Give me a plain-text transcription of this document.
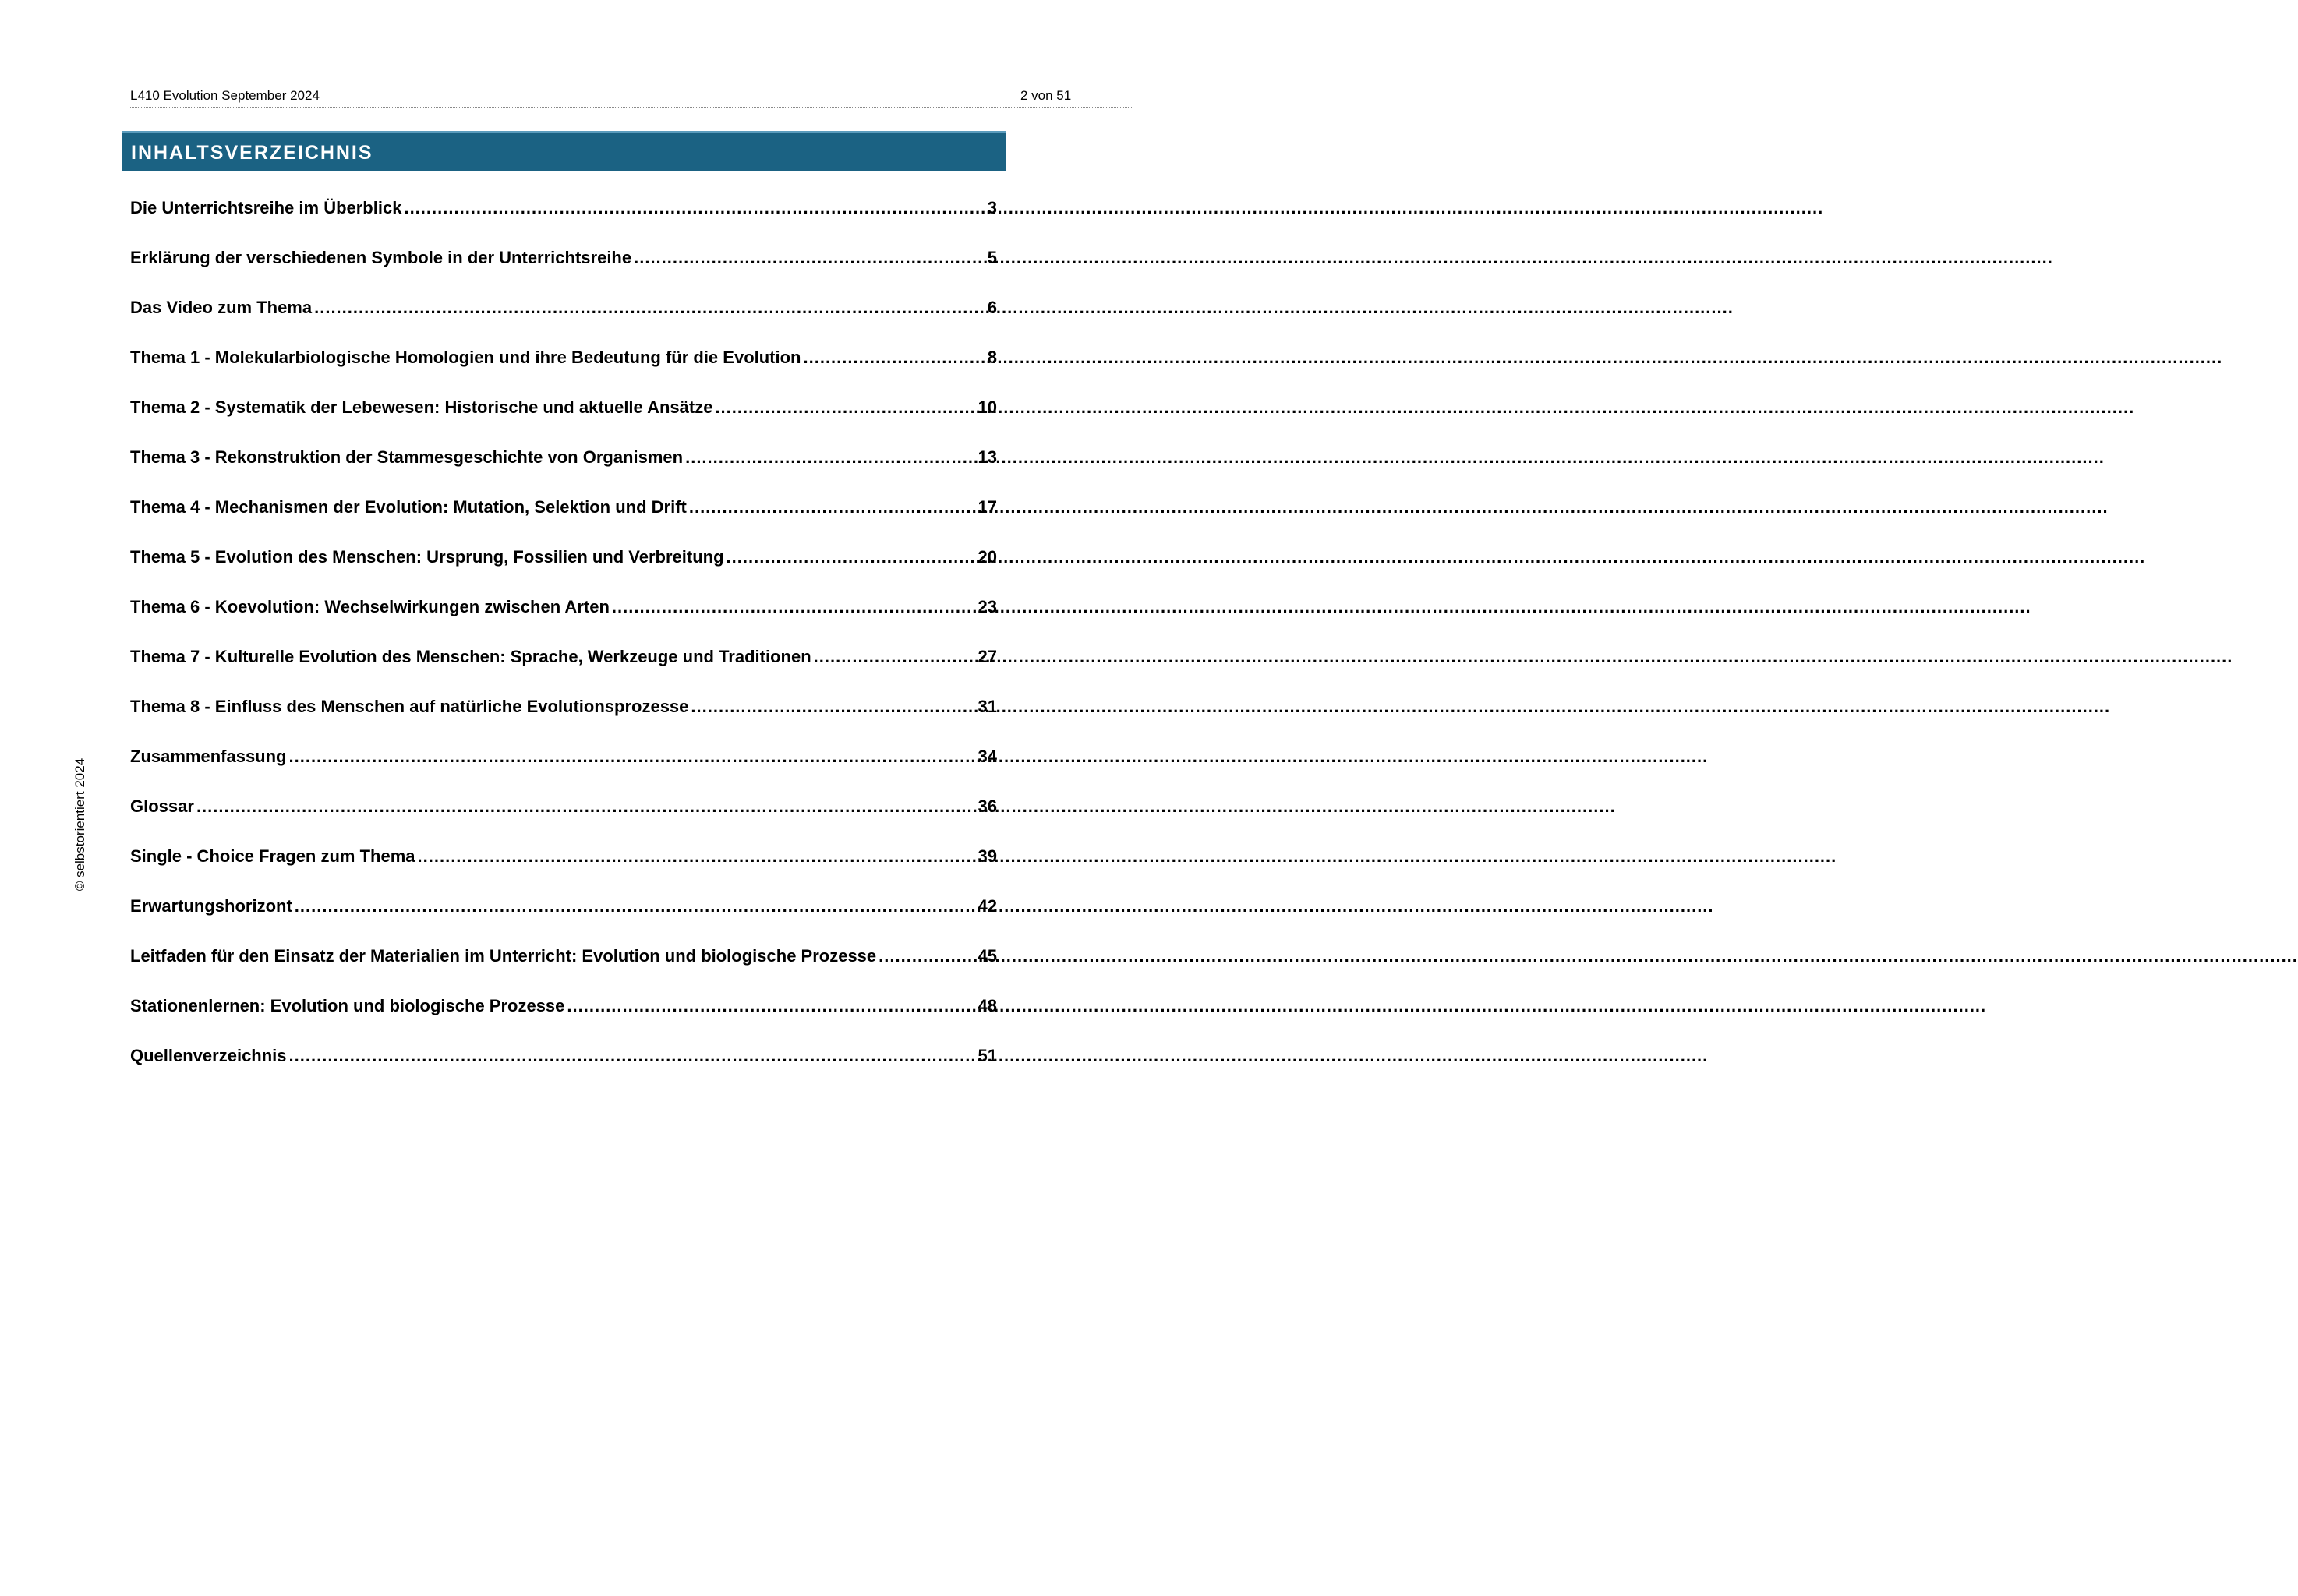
L410 Evolution September 2024	2 von 51
INHALTSVERZEICHNIS
Die Unterrichtsreihe im Überblick .....	3
Erklärung der verschiedenen Symbole in der Unterrichtsreihe .....	5
Das Video zum Thema .....	6
Thema 1 - Molekularbiologische Homologien und ihre Bedeutung für die Evolution .....	8
Thema 2 - Systematik der Lebewesen: Historische und aktuelle Ansätze .....	10
Thema 3 - Rekonstruktion der Stammesgeschichte von Organismen .....	13
Thema 4 - Mechanismen der Evolution: Mutation, Selektion und Drift .....	17
Thema 5 - Evolution des Menschen: Ursprung, Fossilien und Verbreitung .....	20
Thema 6 - Koevolution: Wechselwirkungen zwischen Arten .....	23
Thema 7 - Kulturelle Evolution des Menschen: Sprache, Werkzeuge und Traditionen .....	27
Thema 8 - Einfluss des Menschen auf natürliche Evolutionsprozesse .....	31
Zusammenfassung .....	34
Glossar .....	36
Single - Choice Fragen zum Thema .....	39
Erwartungshorizont .....	42
Leitfaden für den Einsatz der Materialien im Unterricht: Evolution und biologische Prozesse .....	45
Stationenlernen: Evolution und biologische Prozesse .....	48
Quellenverzeichnis .....	51
© selbstorientiert 2024
